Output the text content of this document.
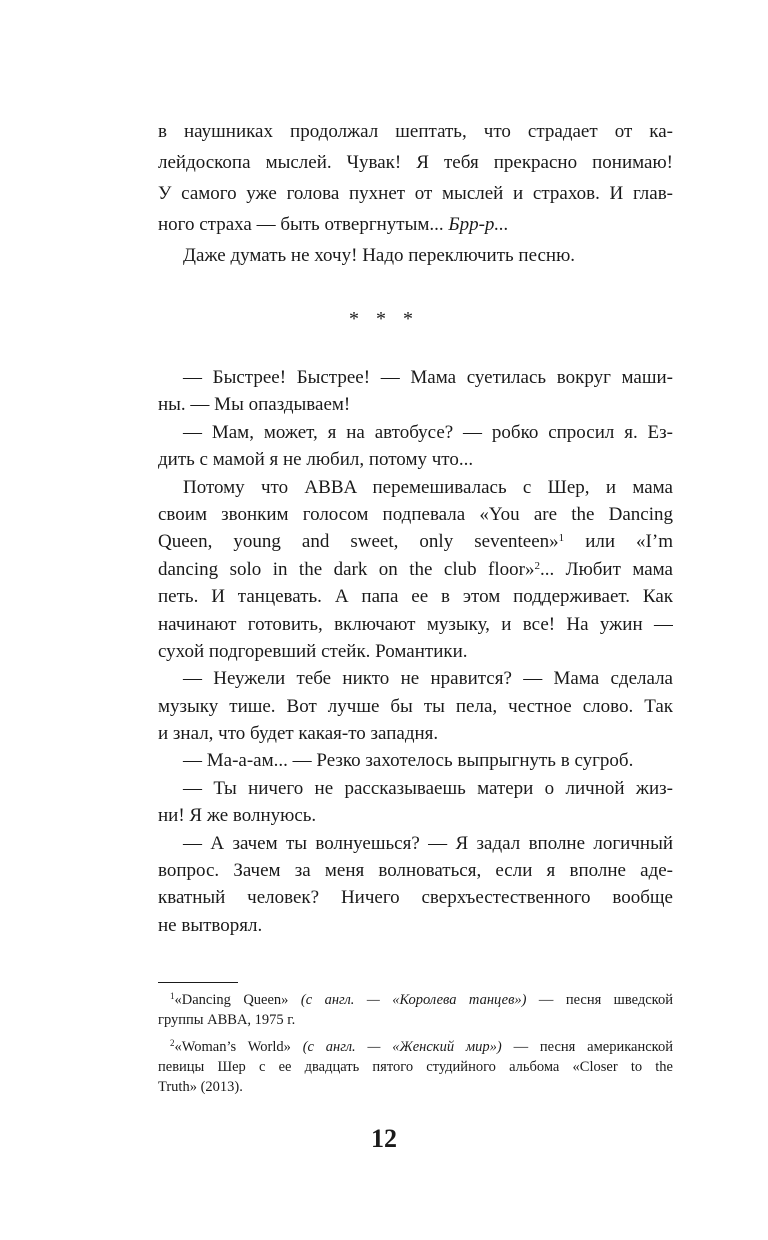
в наушниках продолжал шептать, что страдает от ка-
лейдоскопа мыслей. Чувак! Я тебя прекрасно понимаю!
У самого уже голова пухнет от мыслей и страхов. И глав-
ного страха — быть отвергнутым... Брр-р...
Даже думать не хочу! Надо переключить песню.
* * *
— Быстрее! Быстрее! — Мама суетилась вокруг маши-
ны. — Мы опаздываем!
— Мам, может, я на автобусе? — робко спросил я. Ез-
дить с мамой я не любил, потому что...
Потому что ABBA перемешивалась с Шер, и мама
своим звонким голосом подпевала «You are the Dancing
Queen, young and sweet, only seventeen»$^1$ или «I’m
dancing solo in the dark on the club floor»$^2$... Любит мама
петь. И танцевать. А папа ее в этом поддерживает. Как
начинают готовить, включают музыку, и все! На ужин —
сухой подгоревший стейк. Романтики.
— Неужели тебе никто не нравится? — Мама сделала
музыку тише. Вот лучше бы ты пела, честное слово. Так
и знал, что будет какая-то западня.
— Ма-а-ам... — Резко захотелось выпрыгнуть в сугроб.
— Ты ничего не рассказываешь матери о личной жиз-
ни! Я же волнуюсь.
— А зачем ты волнуешься? — Я задал вполне логичный
вопрос. Зачем за меня волноваться, если я вполне аде-
кватный человек? Ничего сверхъестественного вообще
не вытворял.
$^1$«Dancing Queen» (с англ. — «Королева танцев») — песня шведской
группы ABBA, 1975 г.
$^2$«Woman’s World» (с англ. — «Женский мир») — песня американской
певицы Шер с ее двадцать пятого студийного альбома «Closer to the
Truth» (2013).
12
